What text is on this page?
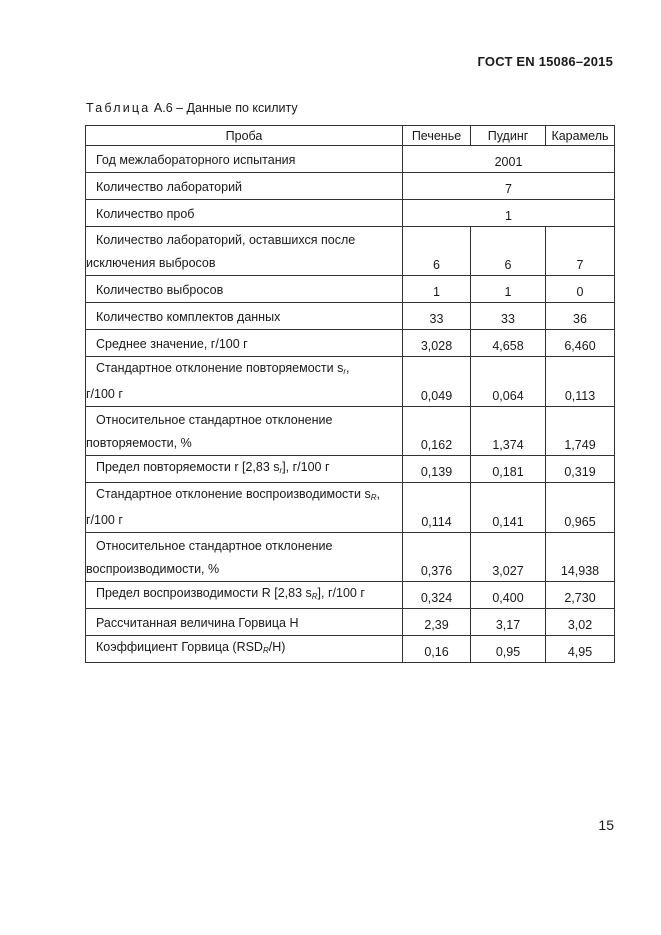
ГОСТ EN 15086–2015
Таблица A.6 – Данные по ксилиту
Проба	Печенье	Пудинг	Карамель
Год межлабораторного испытания	2001		
Количество лабораторий	7		
Количество проб	1		

Количество лабораторий, оставшихся после
исключения выбросов	6	6	7
Количество выбросов	1	1	0
Количество комплектов данных	33	33	36
Среднее значение, г/100 г	3,028	4,658	6,460

Стандартное отклонение повторяемости $s_r$,
г/100 г	0,049	0,064	0,113

Относительное стандартное отклонение
повторяемости, %	0,162	1,374	1,749
Предел повторяемости r [2,83 $s_r$], г/100 г	0,139	0,181	0,319

Стандартное отклонение воспроизводимости $s_R$,
г/100 г	0,114	0,141	0,965

Относительное стандартное отклонение
воспроизводимости, %	0,376	3,027	14,938
Предел воспроизводимости R [2,83 $s_R$], г/100 г	0,324	0,400	2,730
Рассчитанная величина Горвица H	2,39	3,17	3,02
Коэффициент Горвица $(RSD_R/H)$	0,16	0,95	4,95
15
